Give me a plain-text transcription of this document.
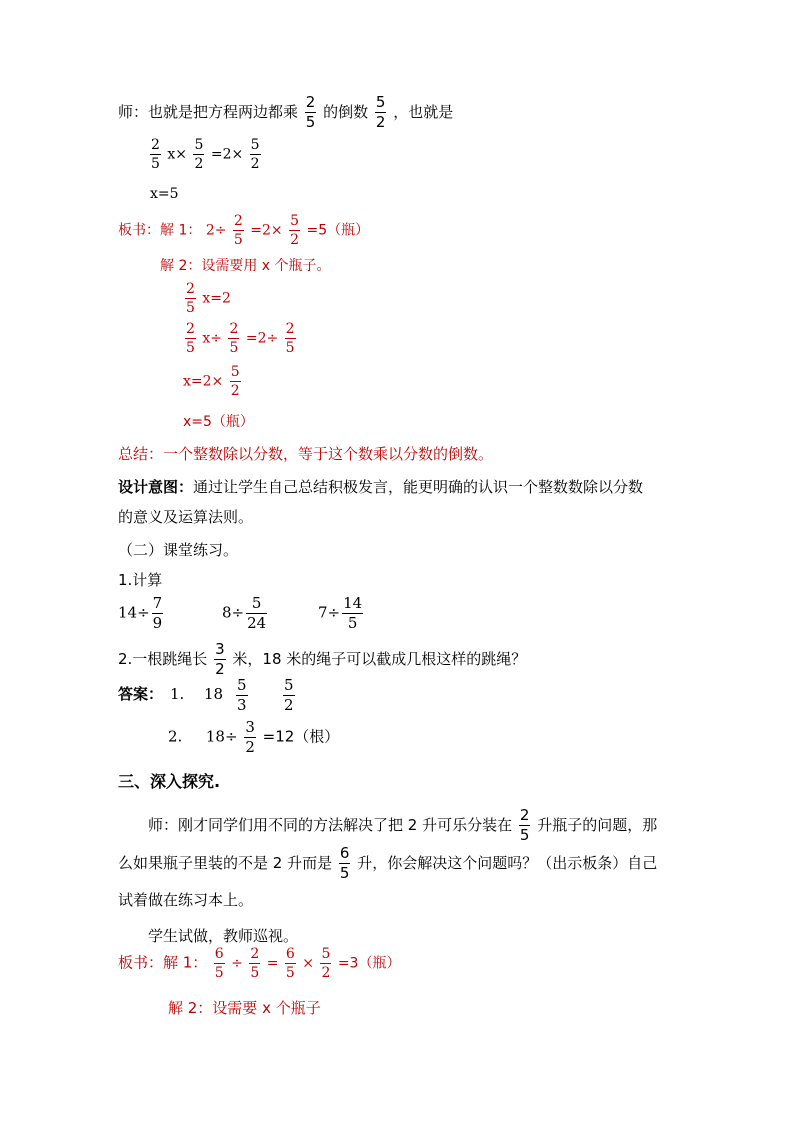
师：也就是把方程两边都乘 $\frac{2}{5}$ 的倒数 $\frac{5}{2}$ ，也就是
$\frac{2}{5} x\times \frac{5}{2} =2\times \frac{5}{2}$
x=5
板书：解 1： $2\div \frac{2}{5} =2\times \frac{5}{2} =5$（瓶）
解 2：设需要用 x 个瓶子。
$\frac{2}{5} x=2$
$\frac{2}{5} x\div \frac{2}{5} =2\div \frac{2}{5}$
$x=2\times \frac{5}{2}$
x=5（瓶）
总结：一个整数除以分数，等于这个数乘以分数的倒数。
设计意图：通过让学生自己总结积极发言，能更明确的认识一个整数数除以分数
的意义及运算法则。
（二）课堂练习。
1.计算
$14\div \frac{7}{9}$	$8\div \frac{5}{24}$	$7\div \frac{14}{5}$
2.一根跳绳长 $\frac{3}{2}$ 米，18 米的绳子可以截成几根这样的跳绳？
答案： 1. $18 \frac{5}{3} \frac{5}{2}$
2. $18\div \frac{3}{2} =12$（根）
三、深入探究.
师：刚才同学们用不同的方法解决了把 2 升可乐分装在 $\frac{2}{5}$ 升瓶子的问题，那
么如果瓶子里装的不是 2 升而是 $\frac{6}{5}$ 升，你会解决这个问题吗？（出示板条）自己
试着做在练习本上。
学生试做，教师巡视。
板书：解 1： $\frac{6}{5} \div \frac{2}{5} = \frac{6}{5} \times \frac{5}{2} =3$（瓶）
解 2：设需要 x 个瓶子
